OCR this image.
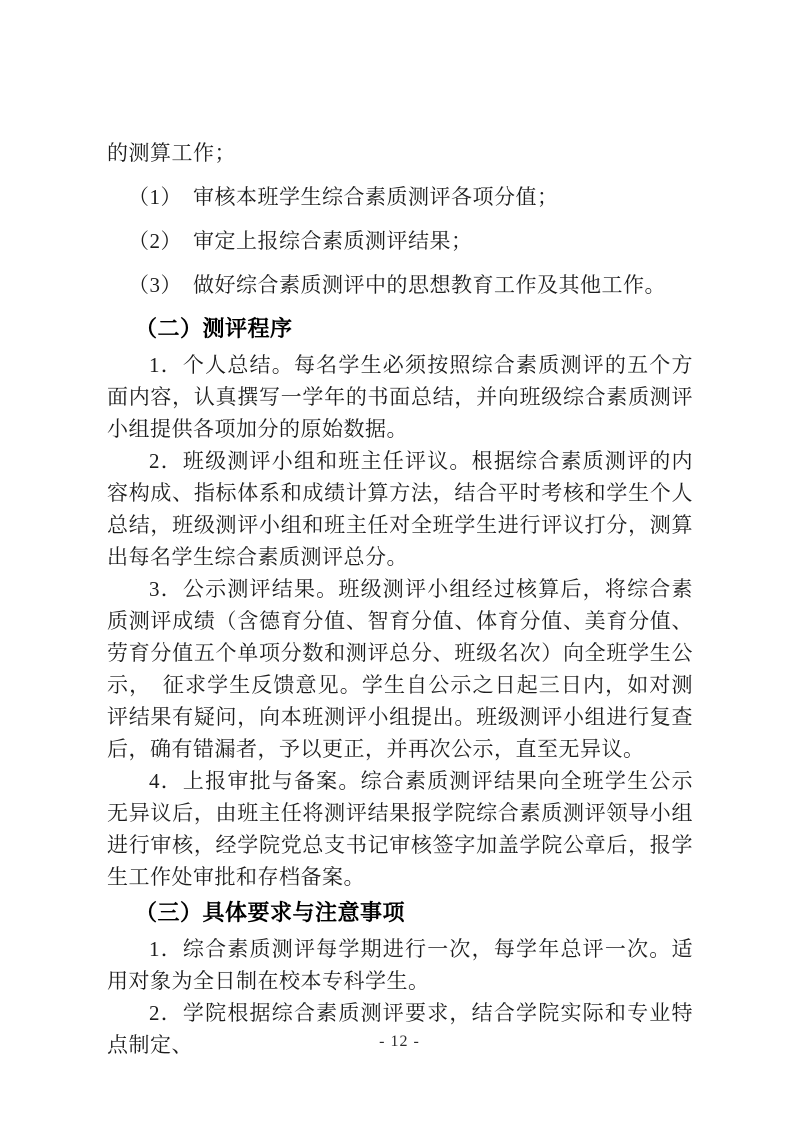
的测算工作；

（1）　审核本班学生综合素质测评各项分值；

（2）　审定上报综合素质测评结果；

（3）　做好综合素质测评中的思想教育工作及其他工作。

（二）测评程序

1．个人总结。每名学生必须按照综合素质测评的五个方面内容，认真撰写一学年的书面总结，并向班级综合素质测评小组提供各项加分的原始数据。

2．班级测评小组和班主任评议。根据综合素质测评的内容构成、指标体系和成绩计算方法，结合平时考核和学生个人总结，班级测评小组和班主任对全班学生进行评议打分，测算出每名学生综合素质测评总分。

3．公示测评结果。班级测评小组经过核算后，将综合素质测评成绩（含德育分值、智育分值、体育分值、美育分值、劳育分值五个单项分数和测评总分、班级名次）向全班学生公示，　征求学生反馈意见。学生自公示之日起三日内，如对测评结果有疑问，向本班测评小组提出。班级测评小组进行复查后，确有错漏者，予以更正，并再次公示，直至无异议。

4．上报审批与备案。综合素质测评结果向全班学生公示无异议后，由班主任将测评结果报学院综合素质测评领导小组进行审核，经学院党总支书记审核签字加盖学院公章后，报学生工作处审批和存档备案。

（三）具体要求与注意事项

1．综合素质测评每学期进行一次，每学年总评一次。适用对象为全日制在校本专科学生。

2．学院根据综合素质测评要求，结合学院实际和专业特点制定、	- 12 -
